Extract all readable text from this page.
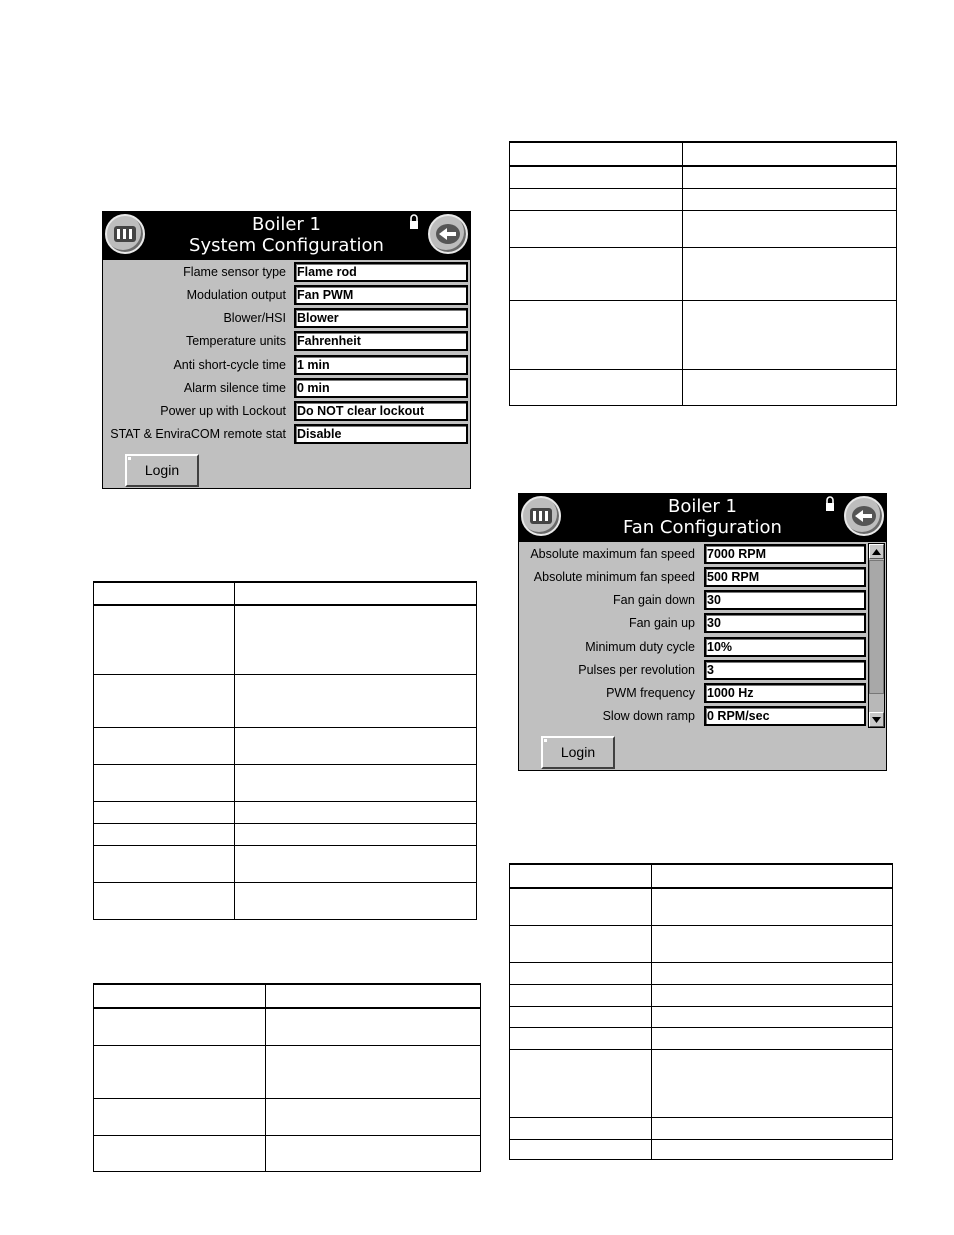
Boiler 1
System Configuration
Flame sensor type Flame rod
Modulation output Fan PWM
Blower/HSI Blower
Temperature units Fahrenheit
Anti short-cycle time 1 min
Alarm silence time 0 min
Power up with Lockout Do NOT clear lockout
STAT & EnviraCOM remote stat Disable
Login
Boiler 1
Fan Configuration
Absolute maximum fan speed 7000 RPM
Absolute minimum fan speed 500 RPM
Fan gain down 30
Fan gain up 30
Minimum duty cycle 10%
Pulses per revolution 3
PWM frequency 1000 Hz
Slow down ramp 0 RPM/sec
Login
